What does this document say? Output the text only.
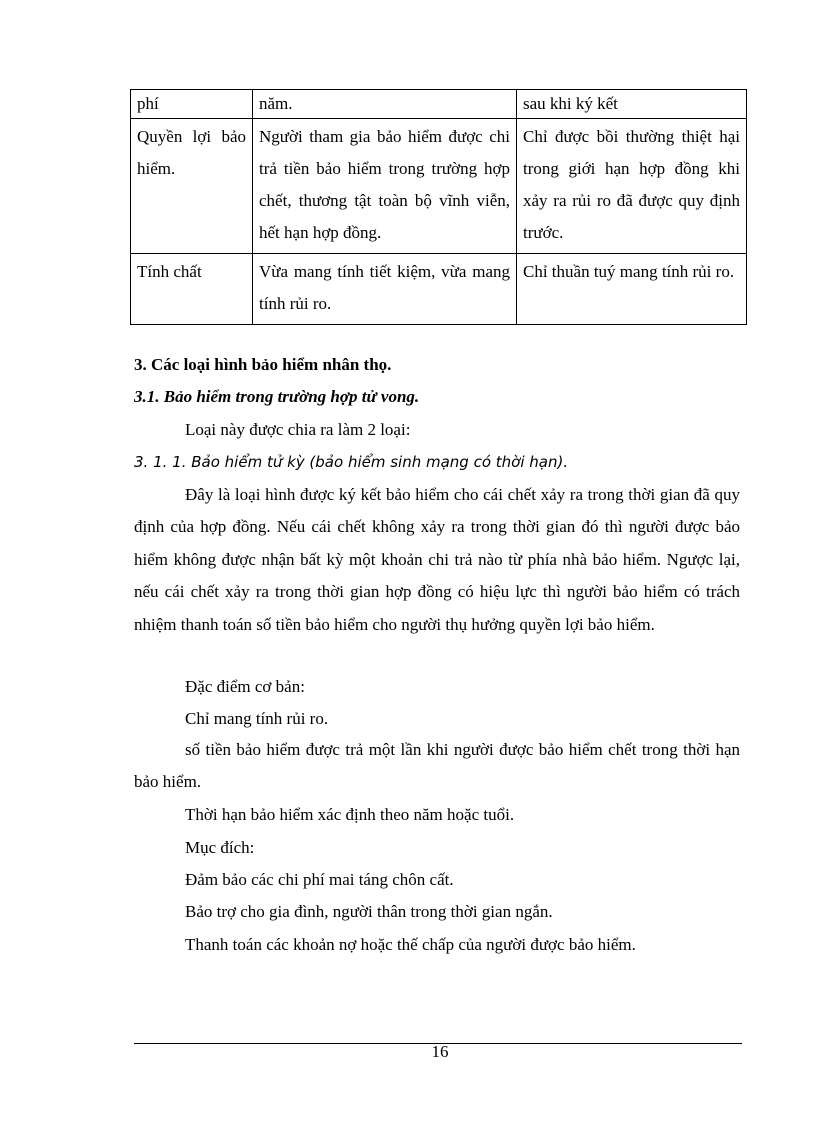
phí	năm.	sau khi ký kết
Quyền lợi bảo hiểm.	Người tham gia bảo hiểm được chi trả tiền bảo hiểm trong trường hợp chết, thương tật toàn bộ vĩnh viễn, hết hạn hợp đồng.	Chỉ được bồi thường thiệt hại trong giới hạn hợp đồng khi xảy ra rủi ro đã được quy định trước.
Tính chất	Vừa mang tính tiết kiệm, vừa mang tính rủi ro.	Chỉ thuần tuý mang tính rủi ro.
3. Các loại hình bảo hiểm nhân thọ.
3.1. Bảo hiểm trong trường hợp tử vong.
Loại này được chia ra làm 2 loại:
3. 1. 1. Bảo hiểm tử kỳ (bảo hiểm sinh mạng có thời hạn).
Đây là loại hình được ký kết bảo hiểm cho cái chết xảy ra trong thời gian đã quy định của hợp đồng. Nếu cái chết không xảy ra trong thời gian đó thì người được bảo hiểm không được nhận bất kỳ một khoản chi trả nào từ phía nhà bảo hiểm. Ngược lại, nếu cái chết xảy ra trong thời gian hợp đồng có hiệu lực thì người bảo hiểm có trách nhiệm thanh toán số tiền bảo hiểm cho người thụ hưởng quyền lợi bảo hiểm.
Đặc điểm cơ bản:
Chỉ mang tính rủi ro.
số tiền bảo hiểm được trả một lần khi người được bảo hiểm chết trong thời hạn bảo hiểm.
Thời hạn bảo hiểm xác định theo năm hoặc tuổi.
Mục đích:
Đảm bảo các chi phí mai táng chôn cất.
Bảo trợ cho gia đình, người thân trong thời gian ngắn.
Thanh toán các khoản nợ hoặc thế chấp của người được bảo hiểm.
16
